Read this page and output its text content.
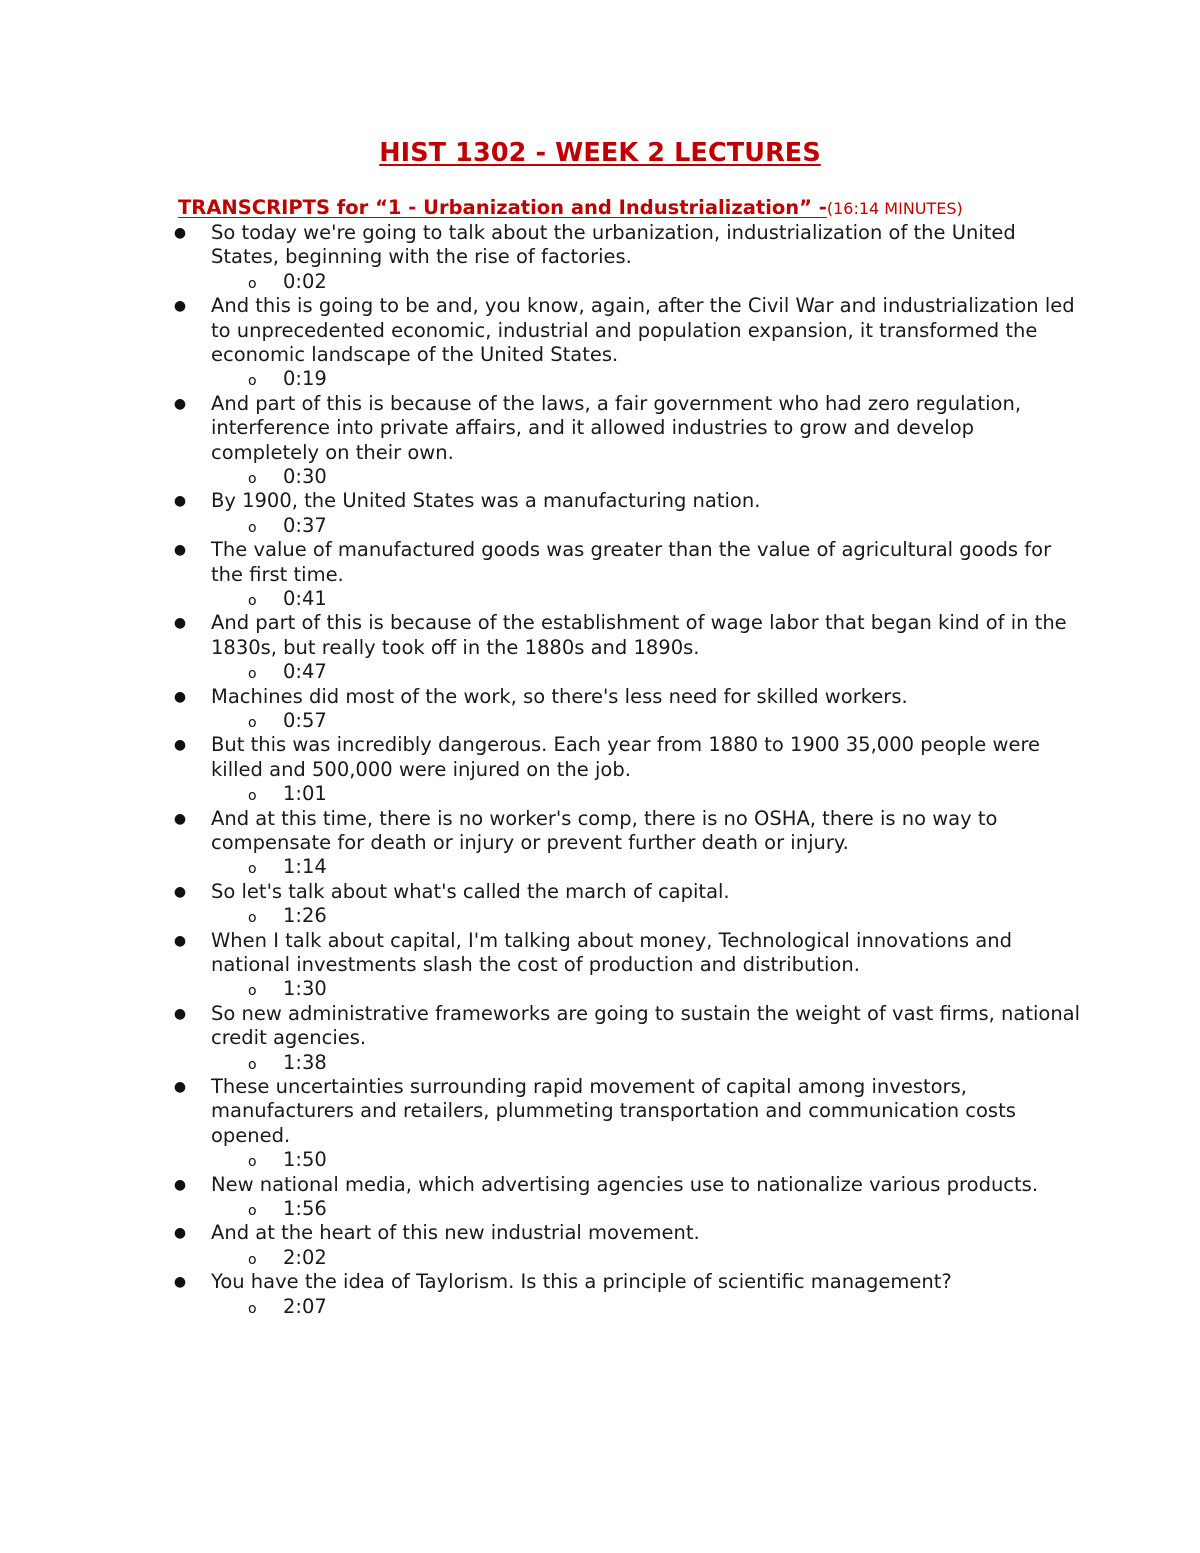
HIST 1302 - WEEK 2 LECTURES
TRANSCRIPTS for “1 - Urbanization and Industrialization” -(16:14 MINUTES)
● So today we're going to talk about the urbanization, industrialization of the United States, beginning with the rise of factories.
o 0:02
● And this is going to be and, you know, again, after the Civil War and industrialization led to unprecedented economic, industrial and population expansion, it transformed the economic landscape of the United States.
o 0:19
● And part of this is because of the laws, a fair government who had zero regulation, interference into private affairs, and it allowed industries to grow and develop completely on their own.
o 0:30
● By 1900, the United States was a manufacturing nation.
o 0:37
● The value of manufactured goods was greater than the value of agricultural goods for the first time.
o 0:41
● And part of this is because of the establishment of wage labor that began kind of in the 1830s, but really took off in the 1880s and 1890s.
o 0:47
● Machines did most of the work, so there's less need for skilled workers.
o 0:57
● But this was incredibly dangerous. Each year from 1880 to 1900 35,000 people were killed and 500,000 were injured on the job.
o 1:01
● And at this time, there is no worker's comp, there is no OSHA, there is no way to compensate for death or injury or prevent further death or injury.
o 1:14
● So let's talk about what's called the march of capital.
o 1:26
● When I talk about capital, I'm talking about money, Technological innovations and national investments slash the cost of production and distribution.
o 1:30
● So new administrative frameworks are going to sustain the weight of vast firms, national credit agencies.
o 1:38
● These uncertainties surrounding rapid movement of capital among investors, manufacturers and retailers, plummeting transportation and communication costs opened.
o 1:50
● New national media, which advertising agencies use to nationalize various products.
o 1:56
● And at the heart of this new industrial movement.
o 2:02
● You have the idea of Taylorism. Is this a principle of scientific management?
o 2:07
